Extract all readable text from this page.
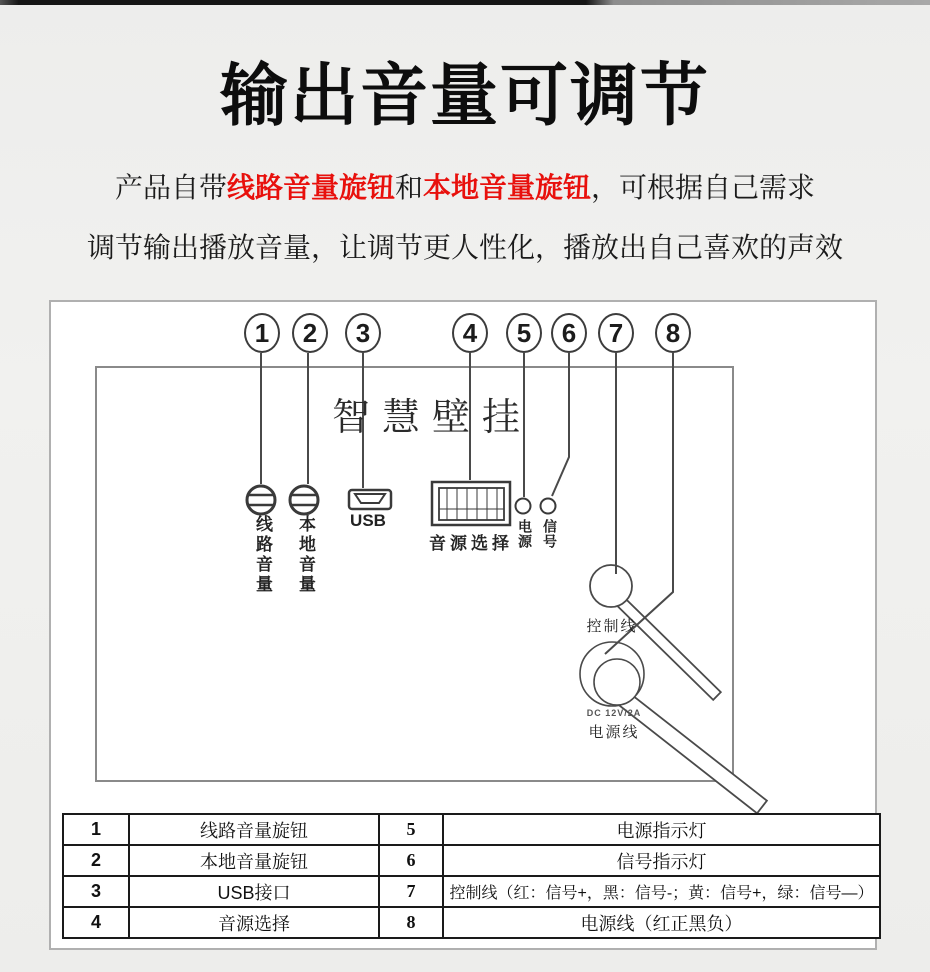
输出音量可调节
产品自带线路音量旋钮和本地音量旋钮，可根据自己需求
调节输出播放音量，让调节更人性化，播放出自己喜欢的声效
1 2 3	4 5 6 7 8
智慧壁挂
线路音量 本地音量 USB
音源选择 电源 信号
控制线
DC 12V/2A
电源线
1	线路音量旋钮	5	电源指示灯
2	本地音量旋钮	6	信号指示灯
3	USB接口	7	控制线（红：信号+，黑：信号-；黄：信号+，绿：信号—）
4	音源选择	8	电源线（红正黑负）
